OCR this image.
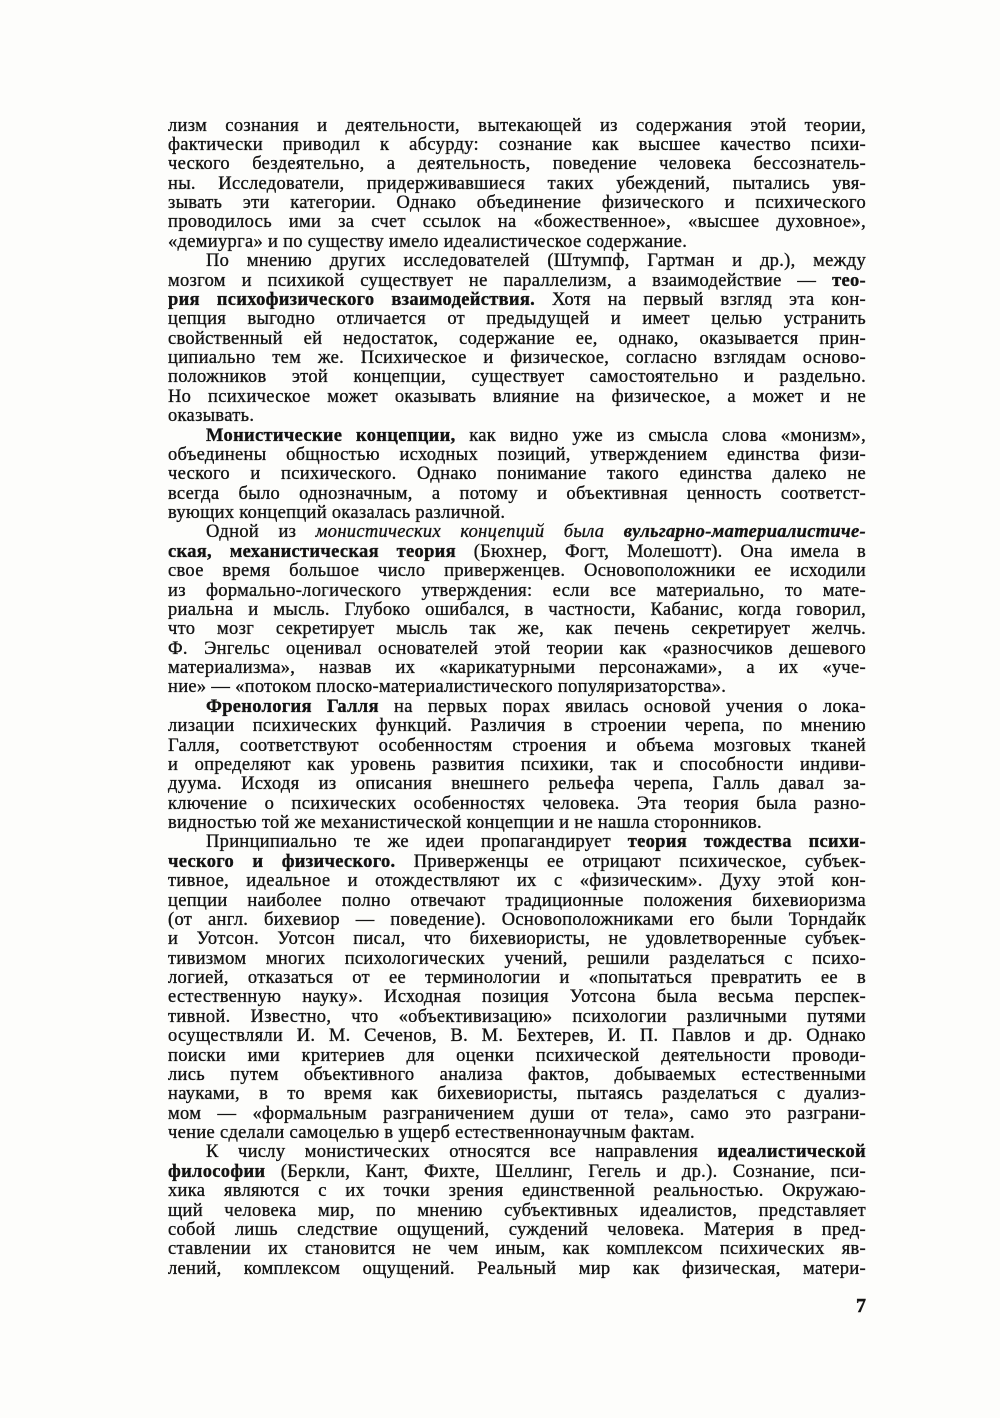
лизм сознания и деятельности, вытекающей из содержания этой теории,
фактически приводил к абсурду: сознание как высшее качество психи-
ческого бездеятельно, а деятельность, поведение человека бессознатель-
ны. Исследователи, придерживавшиеся таких убеждений, пытались увя-
зывать эти категории. Однако объединение физического и психического
проводилось ими за счет ссылок на «божественное», «высшее духовное»,
«демиурга» и по существу имело идеалистическое содержание.
По мнению других исследователей (Штумпф, Гартман и др.), между
мозгом и психикой существует не параллелизм, а взаимодействие — тео-
рия психофизического взаимодействия. Хотя на первый взгляд эта кон-
цепция выгодно отличается от предыдущей и имеет целью устранить
свойственный ей недостаток, содержание ее, однако, оказывается прин-
ципиально тем же. Психическое и физическое, согласно взглядам осново-
положников этой концепции, существует самостоятельно и раздельно.
Но психическое может оказывать влияние на физическое, а может и не
оказывать.
Монистические концепции, как видно уже из смысла слова «монизм»,
объединены общностью исходных позиций, утверждением единства физи-
ческого и психического. Однако понимание такого единства далеко не
всегда было однозначным, а потому и объективная ценность соответст-
вующих концепций оказалась различной.
Одной из монистических концепций была вульгарно-материалистиче-
ская, механистическая теория (Бюхнер, Фогт, Молешотт). Она имела в
свое время большое число приверженцев. Основоположники ее исходили
из формально-логического утверждения: если все материально, то мате-
риальна и мысль. Глубоко ошибался, в частности, Кабанис, когда говорил,
что мозг секретирует мысль так же, как печень секретирует желчь.
Ф. Энгельс оценивал основателей этой теории как «разносчиков дешевого
материализма», назвав их «карикатурными персонажами», а их «уче-
ние» — «потоком плоско-материалистического популяризаторства».
Френология Галля на первых порах явилась основой учения о лока-
лизации психических функций. Различия в строении черепа, по мнению
Галля, соответствуют особенностям строения и объема мозговых тканей
и определяют как уровень развития психики, так и способности индиви-
дуума. Исходя из описания внешнего рельефа черепа, Галль давал за-
ключение о психических особенностях человека. Эта теория была разно-
видностью той же механистической концепции и не нашла сторонников.
Принципиально те же идеи пропагандирует теория тождества психи-
ческого и физического. Приверженцы ее отрицают психическое, субъек-
тивное, идеальное и отождествляют их с «физическим». Духу этой кон-
цепции наиболее полно отвечают традиционные положения бихевиоризма
(от англ. бихевиор — поведение). Основоположниками его были Торндайк
и Уотсон. Уотсон писал, что бихевиористы, не удовлетворенные субъек-
тивизмом многих психологических учений, решили разделаться с психо-
логией, отказаться от ее терминологии и «попытаться превратить ее в
естественную науку». Исходная позиция Уотсона была весьма перспек-
тивной. Известно, что «объективизацию» психологии различными путями
осуществляли И. М. Сеченов, В. М. Бехтерев, И. П. Павлов и др. Однако
поиски ими критериев для оценки психической деятельности проводи-
лись путем объективного анализа фактов, добываемых естественными
науками, в то время как бихевиористы, пытаясь разделаться с дуализ-
мом — «формальным разграничением души от тела», само это разграни-
чение сделали самоцелью в ущерб естественнонаучным фактам.
К числу монистических относятся все направления идеалистической
философии (Беркли, Кант, Фихте, Шеллинг, Гегель и др.). Сознание, пси-
хика являются с их точки зрения единственной реальностью. Окружаю-
щий человека мир, по мнению субъективных идеалистов, представляет
собой лишь следствие ощущений, суждений человека. Материя в пред-
ставлении их становится не чем иным, как комплексом психических яв-
лений, комплексом ощущений. Реальный мир как физическая, матери-
7
